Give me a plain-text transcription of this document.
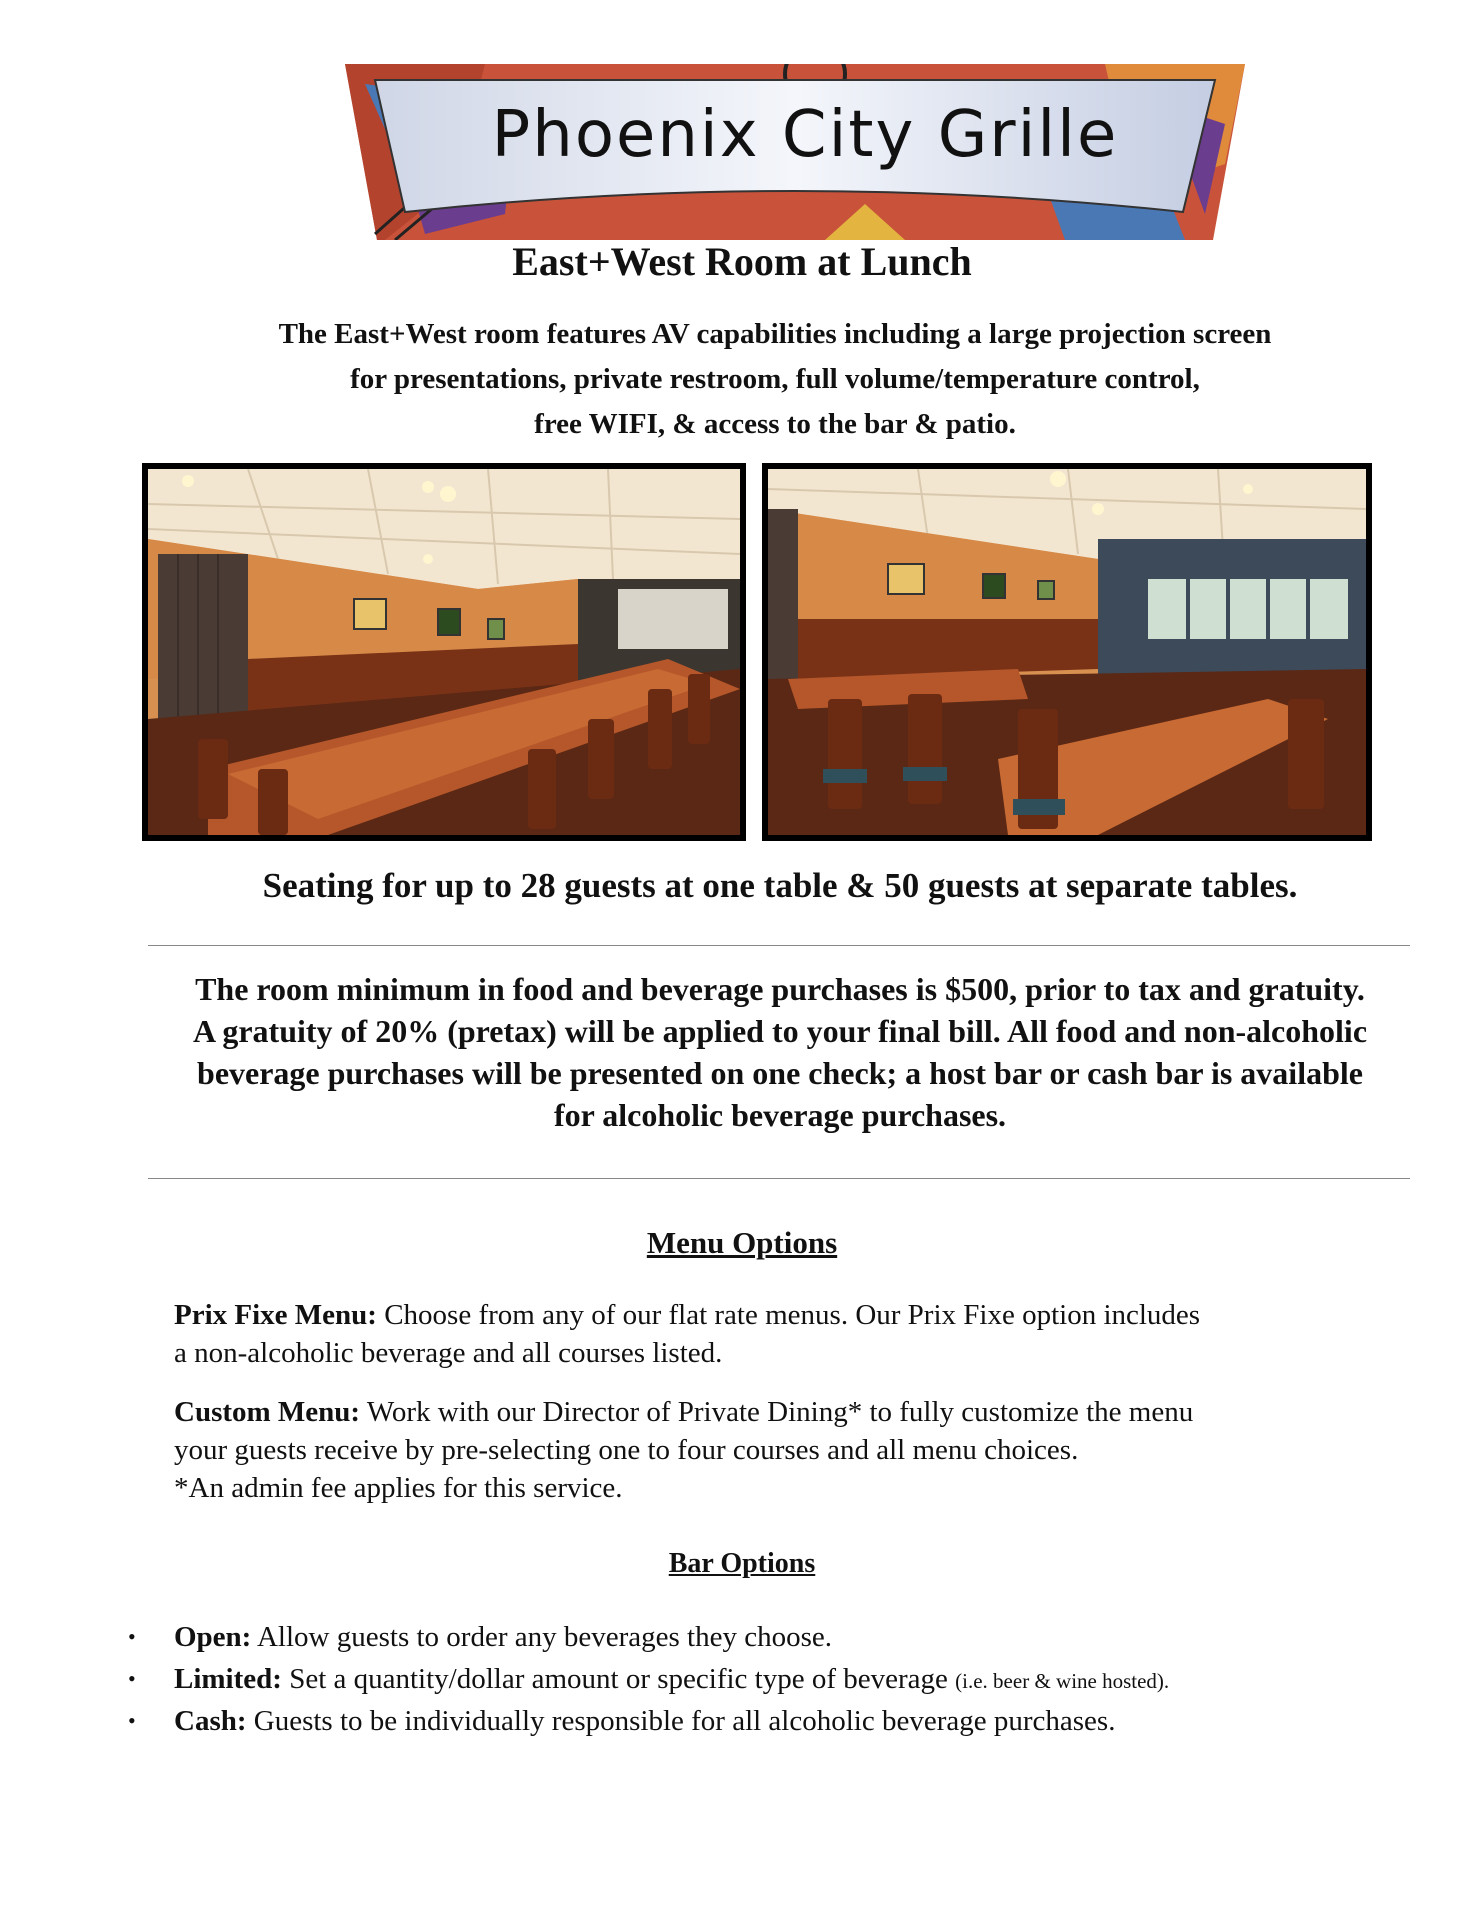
Phoenix City Grille
East+West Room at Lunch

The East+West room features AV capabilities including a large projection screen

for presentations, private restroom, full volume/temperature control,

free WIFI, & access to the bar & patio.

Seating for up to 28 guests at one table & 50 guests at separate tables.

The room minimum in food and beverage purchases is $500, prior to tax and gratuity.

A gratuity of 20% (pretax) will be applied to your final bill. All food and non-alcoholic

beverage purchases will be presented on one check; a host bar or cash bar is available

for alcoholic beverage purchases.

Menu Options

Prix Fixe Menu: Choose from any of our flat rate menus. Our Prix Fixe option includes

a non-alcoholic beverage and all courses listed.

Custom Menu: Work with our Director of Private Dining* to fully customize the menu

your guests receive by pre-selecting one to four courses and all menu choices.

*An admin fee applies for this service.

Bar Options
• Open: Allow guests to order any beverages they choose.
• Limited: Set a quantity/dollar amount or specific type of beverage (i.e. beer & wine hosted).
• Cash: Guests to be individually responsible for all alcoholic beverage purchases.
